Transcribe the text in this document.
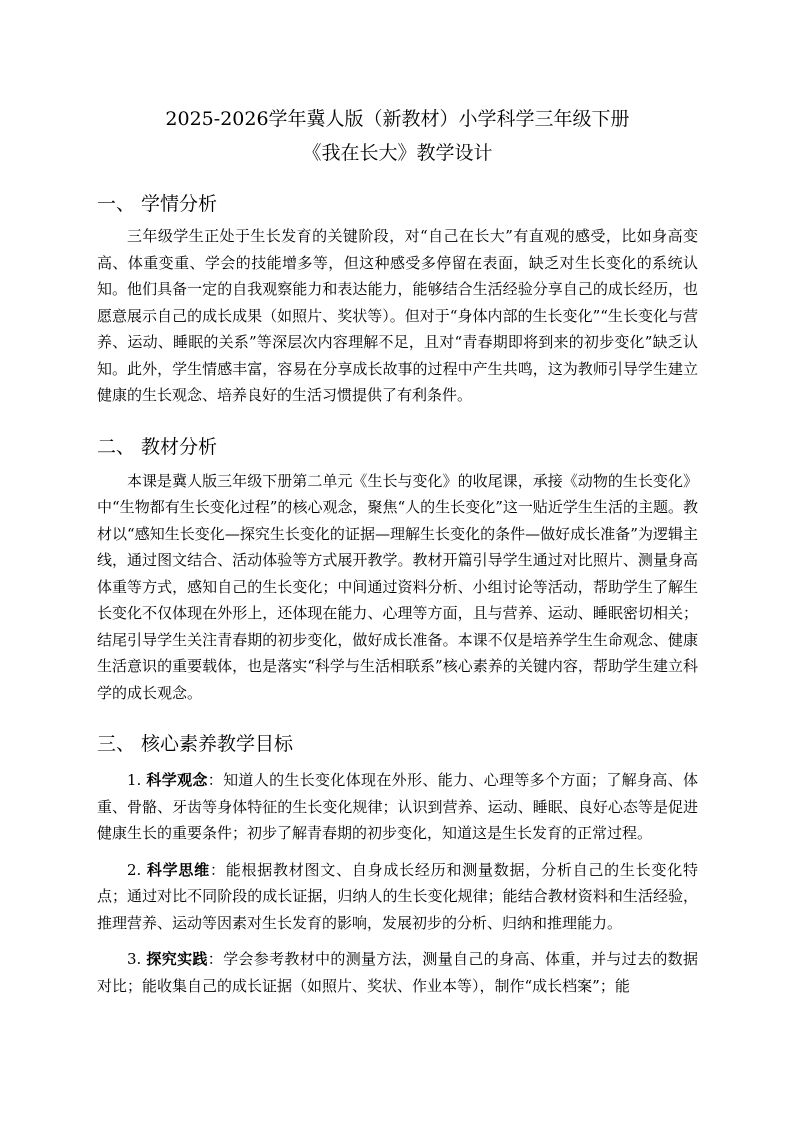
2025-2026学年冀人版（新教材）小学科学三年级下册
《我在长大》教学设计
一、 学情分析

三年级学生正处于生长发育的关键阶段，对“自己在长大”有直观的感受，比如身高变高、体重变重、学会的技能增多等，但这种感受多停留在表面，缺乏对生长变化的系统认知。他们具备一定的自我观察能力和表达能力，能够结合生活经验分享自己的成长经历，也愿意展示自己的成长成果（如照片、奖状等）。但对于“身体内部的生长变化”“生长变化与营养、运动、睡眠的关系”等深层次内容理解不足，且对“青春期即将到来的初步变化”缺乏认知。此外，学生情感丰富，容易在分享成长故事的过程中产生共鸣，这为教师引导学生建立健康的生长观念、培养良好的生活习惯提供了有利条件。

二、 教材分析

本课是冀人版三年级下册第二单元《生长与变化》的收尾课，承接《动物的生长变化》中“生物都有生长变化过程”的核心观念，聚焦“人的生长变化”这一贴近学生生活的主题。教材以“感知生长变化—探究生长变化的证据—理解生长变化的条件—做好成长准备”为逻辑主线，通过图文结合、活动体验等方式展开教学。教材开篇引导学生通过对比照片、测量身高体重等方式，感知自己的生长变化；中间通过资料分析、小组讨论等活动，帮助学生了解生长变化不仅体现在外形上，还体现在能力、心理等方面，且与营养、运动、睡眠密切相关；结尾引导学生关注青春期的初步变化，做好成长准备。本课不仅是培养学生生命观念、健康生活意识的重要载体，也是落实“科学与生活相联系”核心素养的关键内容，帮助学生建立科学的成长观念。

三、 核心素养教学目标

1. 科学观念：知道人的生长变化体现在外形、能力、心理等多个方面；了解身高、体重、骨骼、牙齿等身体特征的生长变化规律；认识到营养、运动、睡眠、良好心态等是促进健康生长的重要条件；初步了解青春期的初步变化，知道这是生长发育的正常过程。

2. 科学思维：能根据教材图文、自身成长经历和测量数据，分析自己的生长变化特点；通过对比不同阶段的成长证据，归纳人的生长变化规律；能结合教材资料和生活经验，推理营养、运动等因素对生长发育的影响，发展初步的分析、归纳和推理能力。

3. 探究实践：学会参考教材中的测量方法，测量自己的身高、体重，并与过去的数据对比；能收集自己的成长证据（如照片、奖状、作业本等），制作“成长档案”；能
